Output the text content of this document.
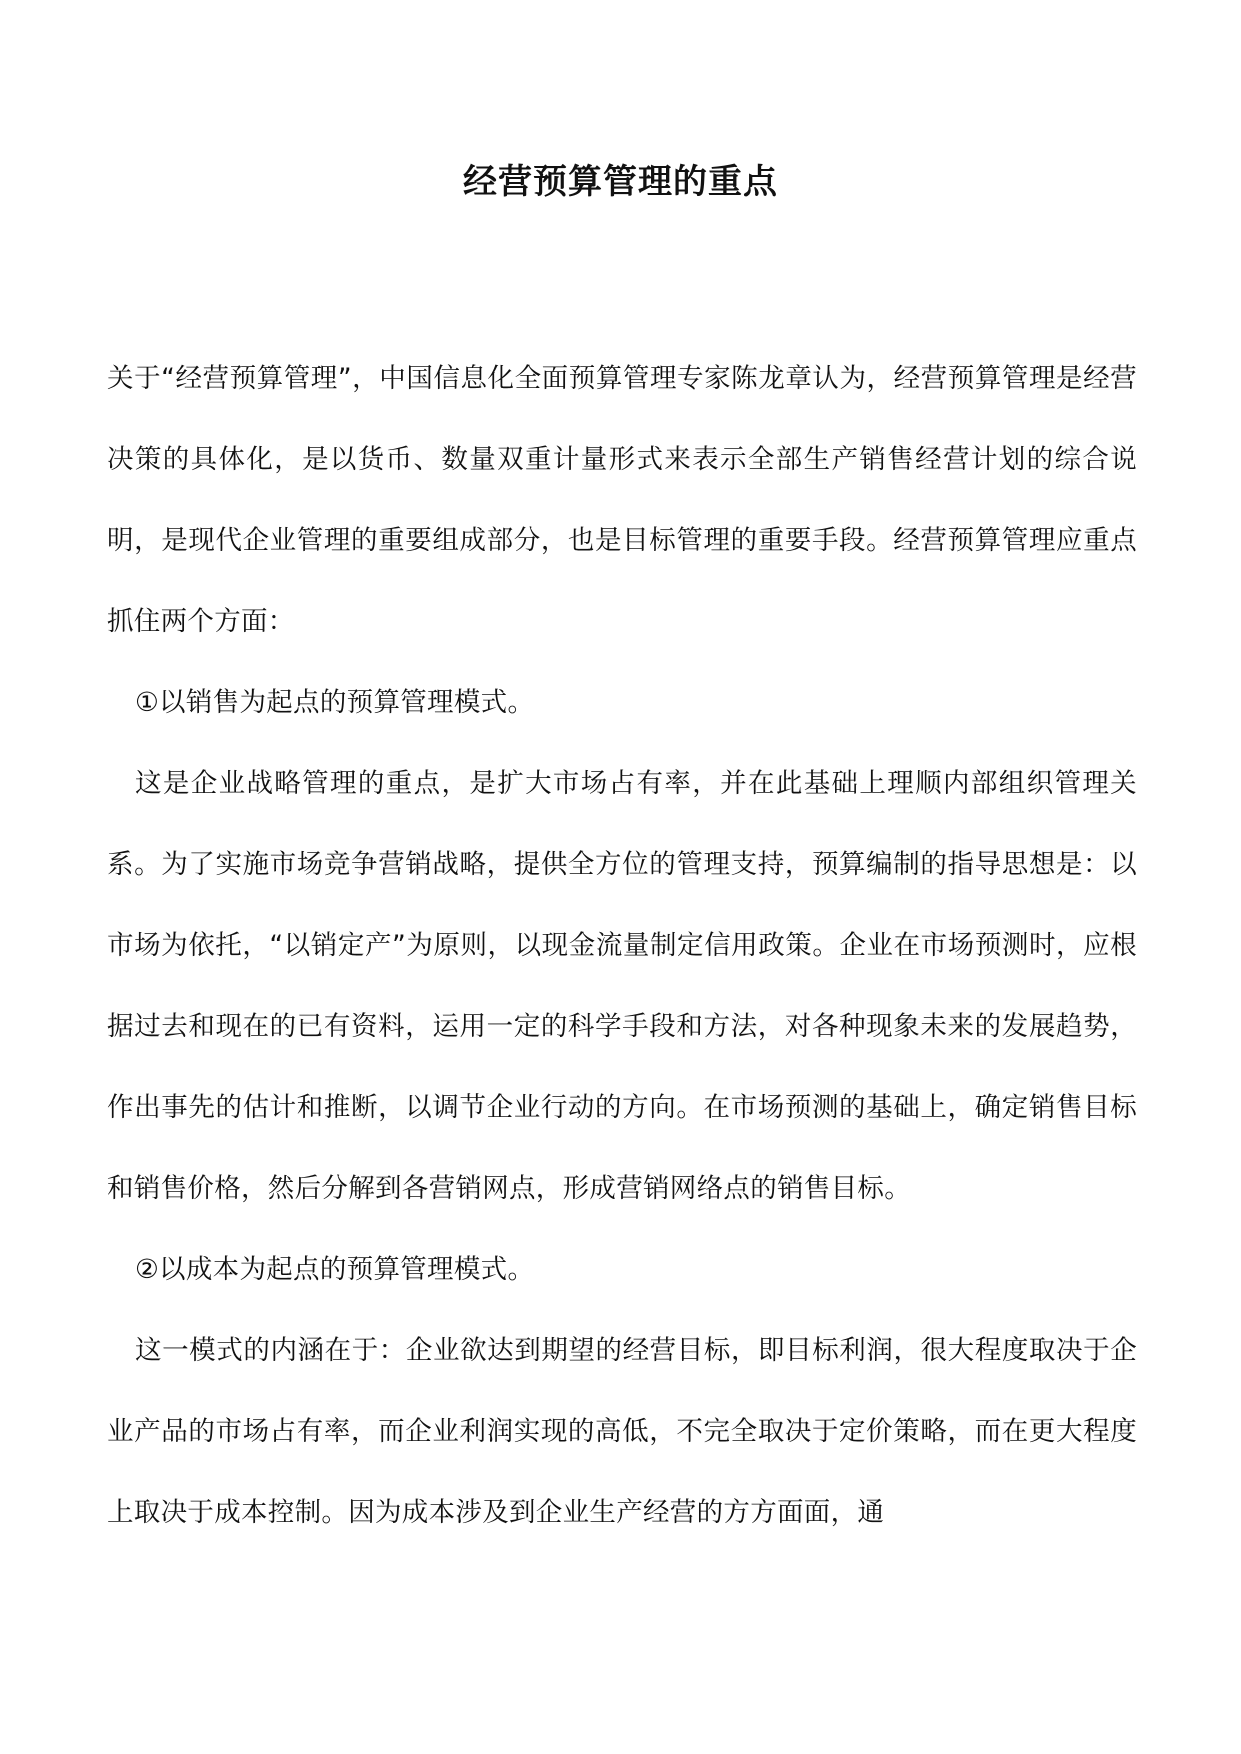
经营预算管理的重点

关于“经营预算管理”，中国信息化全面预算管理专家陈龙章认为，经营预算管理是经营决策的具体化，是以货币、数量双重计量形式来表示全部生产销售经营计划的综合说明，是现代企业管理的重要组成部分，也是目标管理的重要手段。经营预算管理应重点抓住两个方面：

①以销售为起点的预算管理模式。

这是企业战略管理的重点，是扩大市场占有率，并在此基础上理顺内部组织管理关系。为了实施市场竞争营销战略，提供全方位的管理支持，预算编制的指导思想是：以市场为依托，“以销定产”为原则，以现金流量制定信用政策。企业在市场预测时，应根据过去和现在的已有资料，运用一定的科学手段和方法，对各种现象未来的发展趋势，作出事先的估计和推断，以调节企业行动的方向。在市场预测的基础上，确定销售目标和销售价格，然后分解到各营销网点，形成营销网络点的销售目标。

②以成本为起点的预算管理模式。

这一模式的内涵在于：企业欲达到期望的经营目标，即目标利润，很大程度取决于企业产品的市场占有率，而企业利润实现的高低，不完全取决于定价策略，而在更大程度上取决于成本控制。因为成本涉及到企业生产经营的方方面面，通
